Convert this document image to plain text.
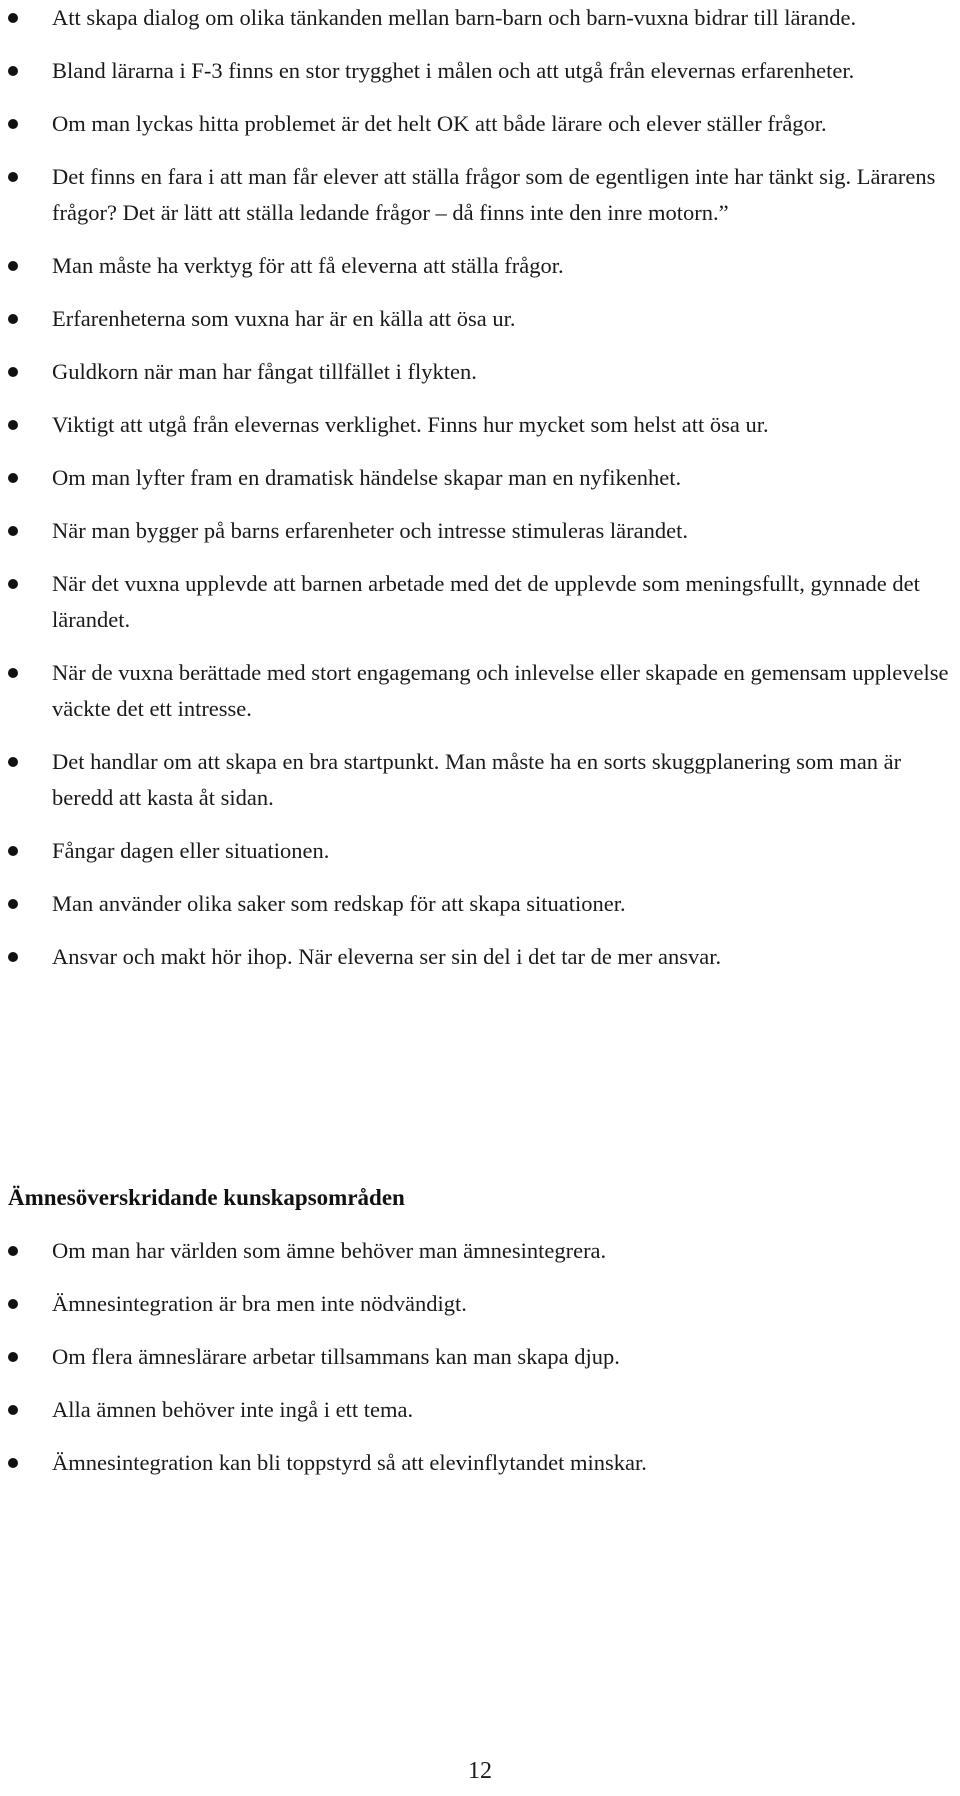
Att skapa dialog om olika tänkanden mellan barn-barn och barn-vuxna bidrar till lärande.
Bland lärarna i F-3 finns en stor trygghet i målen och att utgå från elevernas erfarenheter.
Om man lyckas hitta problemet är det helt OK att både lärare och elever ställer frågor.
Det finns en fara i att man får elever att ställa frågor som de egentligen inte har tänkt sig. Lärarens frågor? Det är lätt att ställa ledande frågor – då finns inte den inre motorn.”
Man måste ha verktyg för att få eleverna att ställa frågor.
Erfarenheterna som vuxna har är en källa att ösa ur.
Guldkorn när man har fångat tillfället i flykten.
Viktigt att utgå från elevernas verklighet. Finns hur mycket som helst att ösa ur.
Om man lyfter fram en dramatisk händelse skapar man en nyfikenhet.
När man bygger på barns erfarenheter och intresse stimuleras lärandet.
När det vuxna upplevde att barnen arbetade med det de upplevde som meningsfullt, gynnade det lärandet.
När de vuxna berättade med stort engagemang och inlevelse eller skapade en gemensam upplevelse väckte det ett intresse.
Det handlar om att skapa en bra startpunkt. Man måste ha en sorts skuggplanering som man är beredd att kasta åt sidan.
Fångar dagen eller situationen.
Man använder olika saker som redskap för att skapa situationer.
Ansvar och makt hör ihop. När eleverna ser sin del i det tar de mer ansvar.
Ämnesöverskridande kunskapsområden
Om man har världen som ämne behöver man ämnesintegrera.
Ämnesintegration är bra men inte nödvändigt.
Om flera ämneslärare arbetar tillsammans kan man skapa djup.
Alla ämnen behöver inte ingå i ett tema.
Ämnesintegration kan bli toppstyrd så att elevinflytandet minskar.
12
